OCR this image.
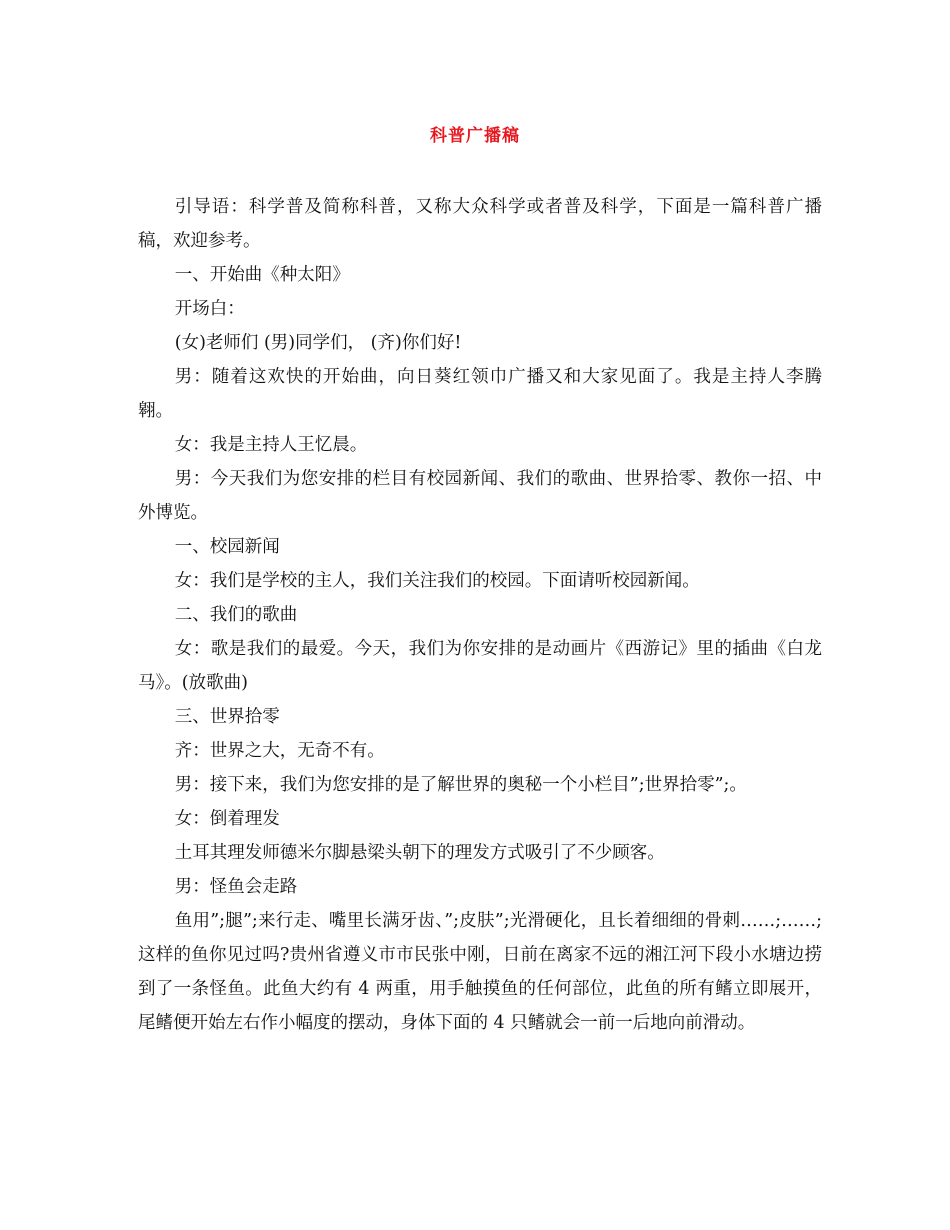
科普广播稿

引导语：科学普及简称科普，又称大众科学或者普及科学，下面是一篇科普广播稿，欢迎参考。

一、开始曲《种太阳》

开场白：

(女)老师们 (男)同学们， (齐)你们好!

男：随着这欢快的开始曲，向日葵红领巾广播又和大家见面了。我是主持人李腾翱。

女：我是主持人王忆晨。

男：今天我们为您安排的栏目有校园新闻、我们的歌曲、世界拾零、教你一招、中外博览。

一、校园新闻

女：我们是学校的主人，我们关注我们的校园。下面请听校园新闻。

二、我们的歌曲

女：歌是我们的最爱。今天，我们为你安排的是动画片《西游记》里的插曲《白龙马》。(放歌曲)

三、世界拾零

齐：世界之大，无奇不有。

男：接下来，我们为您安排的是了解世界的奥秘一个小栏目”;世界拾零”;。

女：倒着理发

土耳其理发师德米尔脚悬梁头朝下的理发方式吸引了不少顾客。

男：怪鱼会走路

鱼用”;腿”;来行走、嘴里长满牙齿、”;皮肤”;光滑硬化，且长着细细的骨刺……;……;这样的鱼你见过吗?贵州省遵义市市民张中刚，日前在离家不远的湘江河下段小水塘边捞到了一条怪鱼。此鱼大约有 4 两重，用手触摸鱼的任何部位，此鱼的所有鳍立即展开，尾鳍便开始左右作小幅度的摆动，身体下面的 4 只鳍就会一前一后地向前滑动。
